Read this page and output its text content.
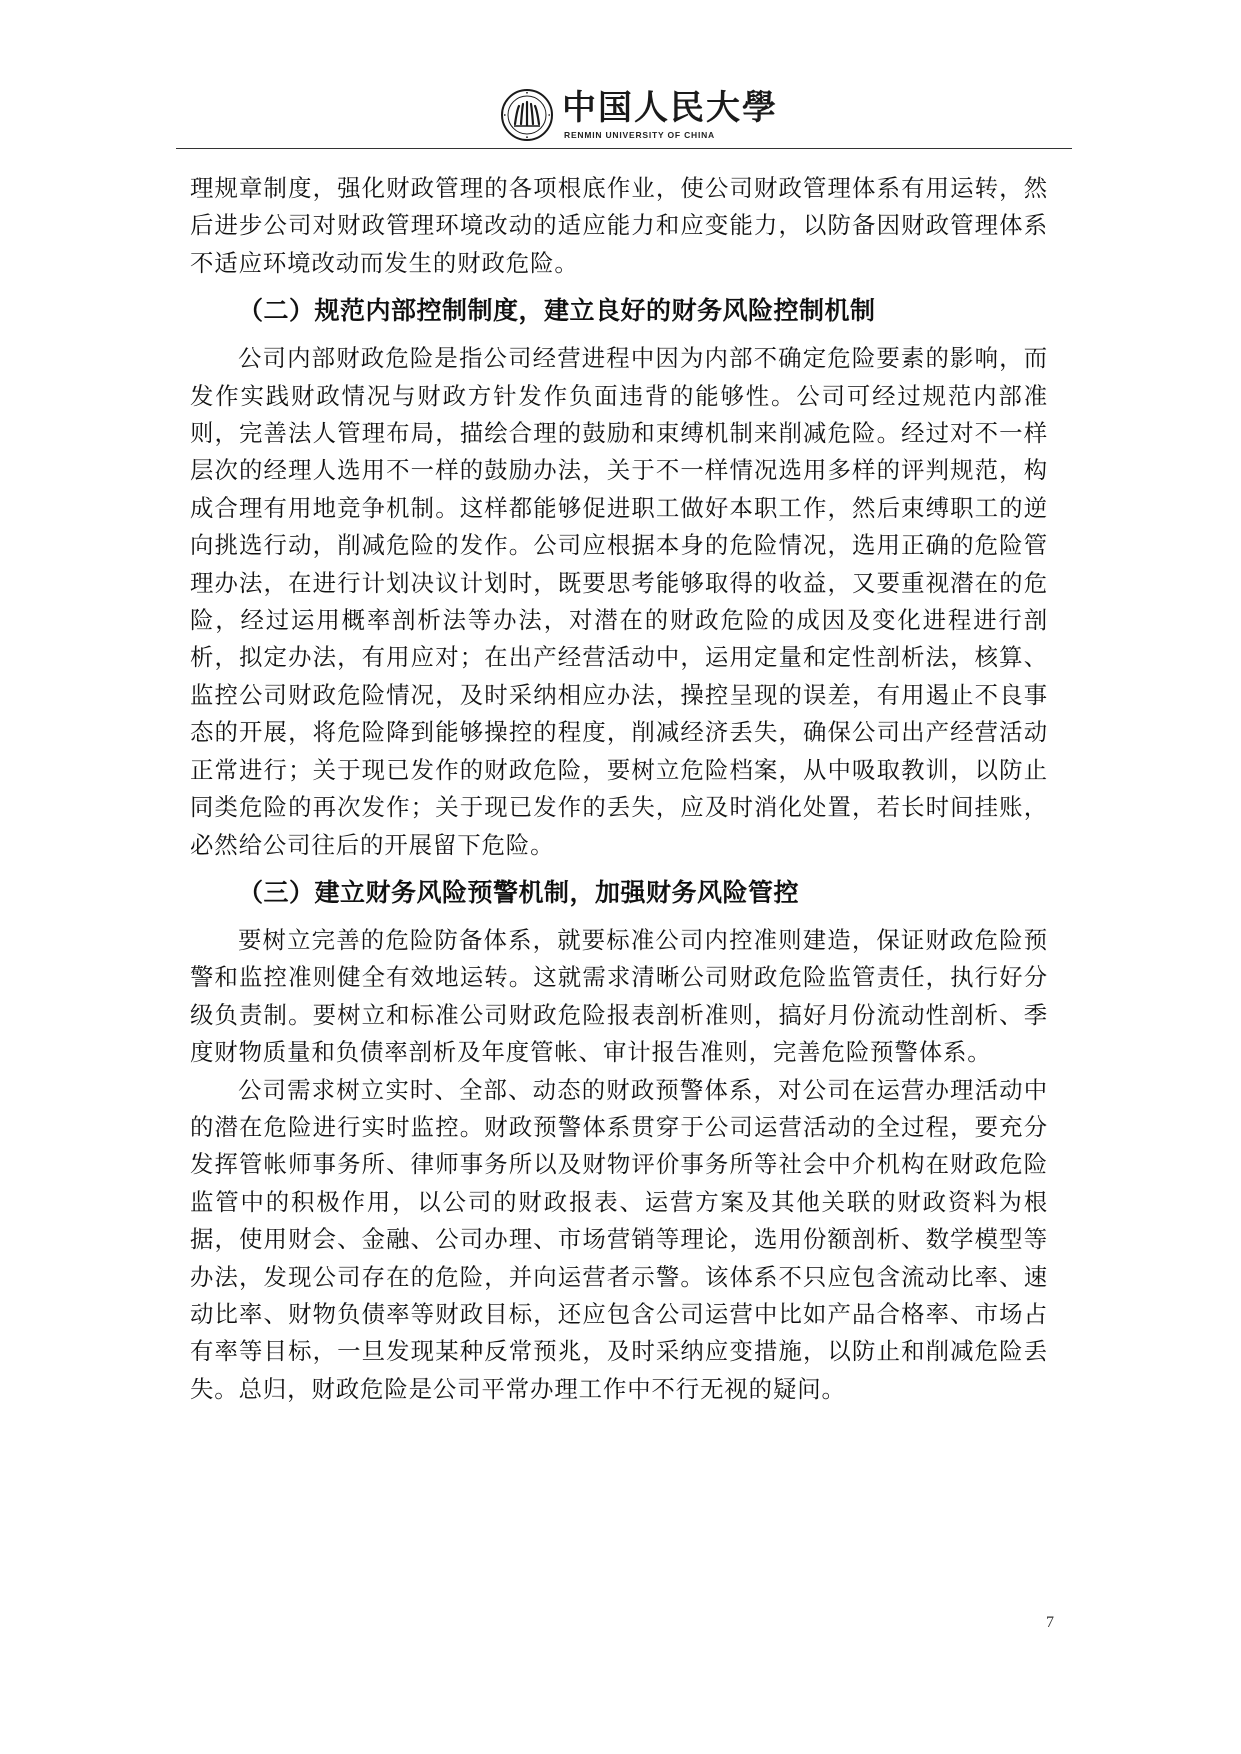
中国人民大學
RENMIN UNIVERSITY OF CHINA

理规章制度，强化财政管理的各项根底作业，使公司财政管理体系有用运转，然后进步公司对财政管理环境改动的适应能力和应变能力，以防备因财政管理体系不适应环境改动而发生的财政危险。

（二）规范内部控制制度，建立良好的财务风险控制机制

公司内部财政危险是指公司经营进程中因为内部不确定危险要素的影响，而发作实践财政情况与财政方针发作负面违背的能够性。公司可经过规范内部准则，完善法人管理布局，描绘合理的鼓励和束缚机制来削减危险。经过对不一样层次的经理人选用不一样的鼓励办法，关于不一样情况选用多样的评判规范，构成合理有用地竞争机制。这样都能够促进职工做好本职工作，然后束缚职工的逆向挑选行动，削减危险的发作。公司应根据本身的危险情况，选用正确的危险管理办法，在进行计划决议计划时，既要思考能够取得的收益，又要重视潜在的危险，经过运用概率剖析法等办法，对潜在的财政危险的成因及变化进程进行剖析，拟定办法，有用应对；在出产经营活动中，运用定量和定性剖析法，核算、监控公司财政危险情况，及时采纳相应办法，操控呈现的误差，有用遏止不良事态的开展，将危险降到能够操控的程度，削减经济丢失，确保公司出产经营活动正常进行；关于现已发作的财政危险，要树立危险档案，从中吸取教训，以防止同类危险的再次发作；关于现已发作的丢失，应及时消化处置，若长时间挂账，必然给公司往后的开展留下危险。

（三）建立财务风险预警机制，加强财务风险管控

要树立完善的危险防备体系，就要标准公司内控准则建造，保证财政危险预警和监控准则健全有效地运转。这就需求清晰公司财政危险监管责任，执行好分级负责制。要树立和标准公司财政危险报表剖析准则，搞好月份流动性剖析、季度财物质量和负债率剖析及年度管帐、审计报告准则，完善危险预警体系。

公司需求树立实时、全部、动态的财政预警体系，对公司在运营办理活动中的潜在危险进行实时监控。财政预警体系贯穿于公司运营活动的全过程，要充分发挥管帐师事务所、律师事务所以及财物评价事务所等社会中介机构在财政危险监管中的积极作用，以公司的财政报表、运营方案及其他关联的财政资料为根据，使用财会、金融、公司办理、市场营销等理论，选用份额剖析、数学模型等办法，发现公司存在的危险，并向运营者示警。该体系不只应包含流动比率、速动比率、财物负债率等财政目标，还应包含公司运营中比如产品合格率、市场占有率等目标，一旦发现某种反常预兆，及时采纳应变措施，以防止和削减危险丢失。总归，财政危险是公司平常办理工作中不行无视的疑问。

7
